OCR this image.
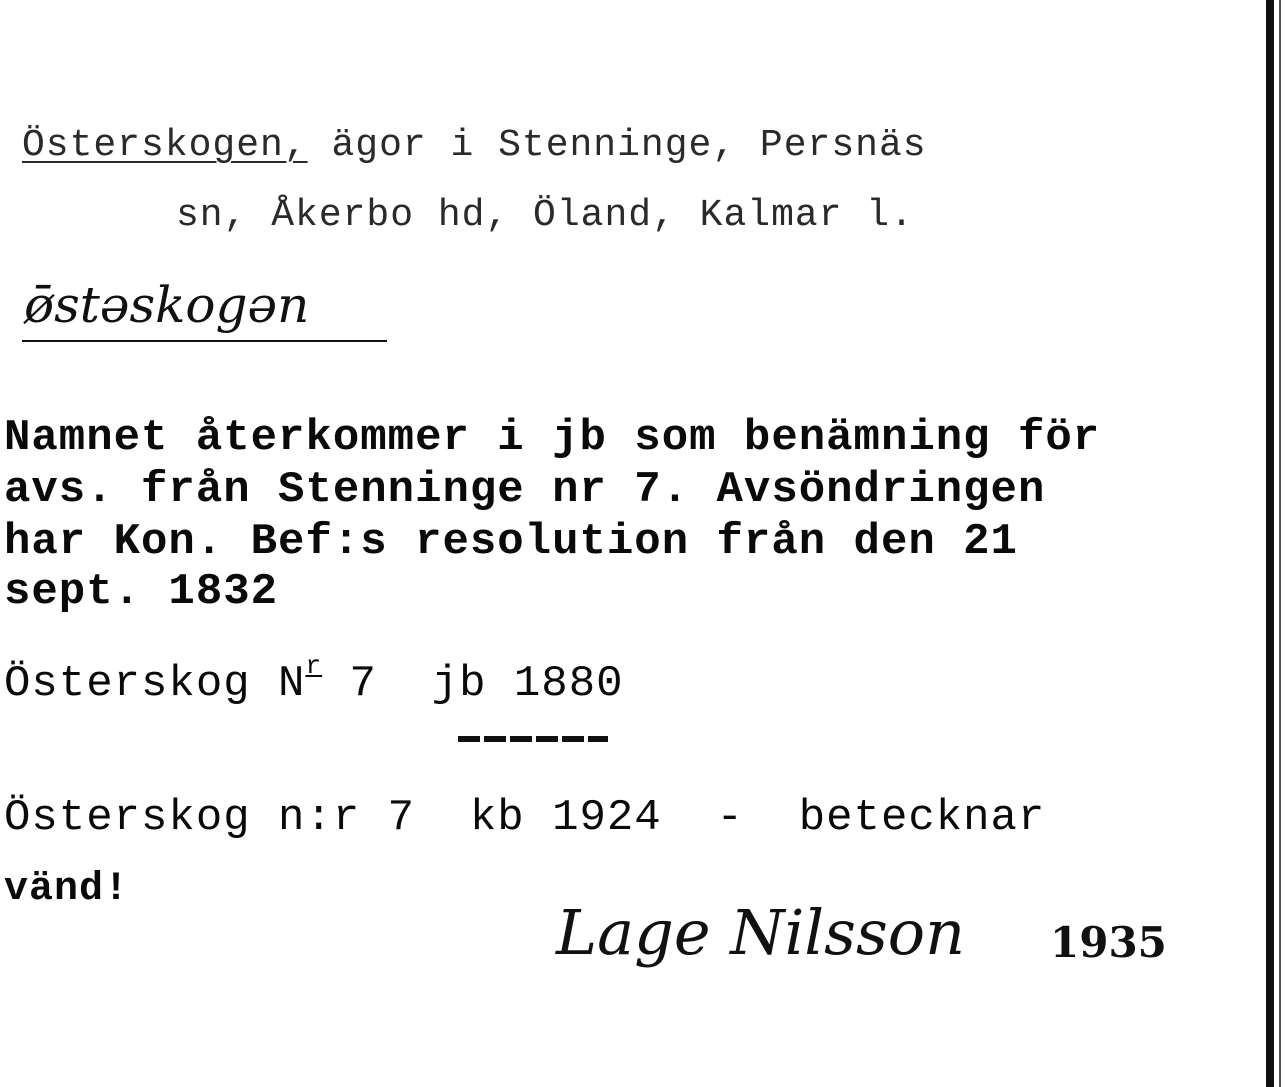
Österskogen, ägor i Stenninge, Persnäs
sn, Åkerbo hd, Öland, Kalmar l.
ø̄stəskogən
Namnet återkommer i jb som benämning för
avs. från Stenninge nr 7. Avsöndringen
har Kon. Bef:s resolution från den 21
sept. 1832
Österskog $N^r$ 7  jb 1880
Österskog n:r 7  kb 1924  -  betecknar
vänd!
Lage Nilsson 1935
